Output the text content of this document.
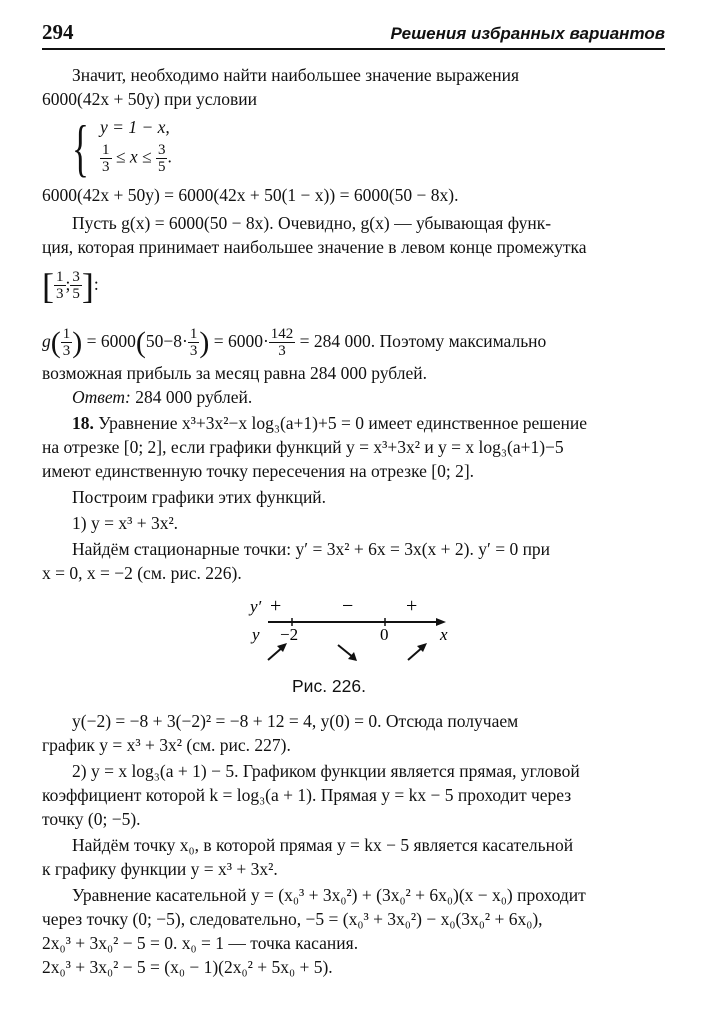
294	Решения избранных вариантов
Значит, необходимо найти наибольшее значение выражения
6000(42x + 50y) при условии
{ y = 1 − x,
$\frac{1}{3} \le x \le \frac{3}{5}$ .
6000(42x + 50y) = 6000(42x + 50(1 − x)) = 6000(50 − 8x).
Пусть g(x) = 6000(50 − 8x). Очевидно, g(x) — убывающая функ-
ция, которая принимает наибольшее значение в левом конце промежутка
[ $\frac{1}{3}$ ; $\frac{3}{5}$ ]:
$g( \frac{1}{3}$ ) = $6000(50-8\cdot \frac{1}{3}$ ) = $6000\cdot \frac{142}{3} = 284$ 000. Поэтому максимально
возможная прибыль за месяц равна 284 000 рублей.
Ответ: 284 000 рублей.
18. Уравнение x³+3x²−x log₃(a+1)+5 = 0 имеет единственное решение
на отрезке [0; 2], если графики функций y = x³+3x² и y = x log₃(a+1)−5
имеют единственную точку пересечения на отрезке [0; 2].
Построим графики этих функций.
1) y = x³ + 3x².
Найдём стационарные точки: y′ = 3x² + 6x = 3x(x + 2). y′ = 0 при
x = 0, x = −2 (см. рис. 226).
y′ +	−	+
y −2	0	x
Рис. 226.
y(−2) = −8 + 3(−2)² = −8 + 12 = 4, y(0) = 0. Отсюда получаем
график y = x³ + 3x² (см. рис. 227).
2) y = x log₃(a + 1) − 5. Графиком функции является прямая, угловой
коэффициент которой k = log₃(a + 1). Прямая y = kx − 5 проходит через
точку (0; −5).
Найдём точку x₀, в которой прямая y = kx − 5 является касательной
к графику функции y = x³ + 3x².
Уравнение касательной y = (x₀³ + 3x₀²) + (3x₀² + 6x₀)(x − x₀) проходит
через точку (0; −5), следовательно, −5 = (x₀³ + 3x₀²) − x₀(3x₀² + 6x₀),
2x₀³ + 3x₀² − 5 = 0. x₀ = 1 — точка касания.
2x₀³ + 3x₀² − 5 = (x₀ − 1)(2x₀² + 5x₀ + 5).
